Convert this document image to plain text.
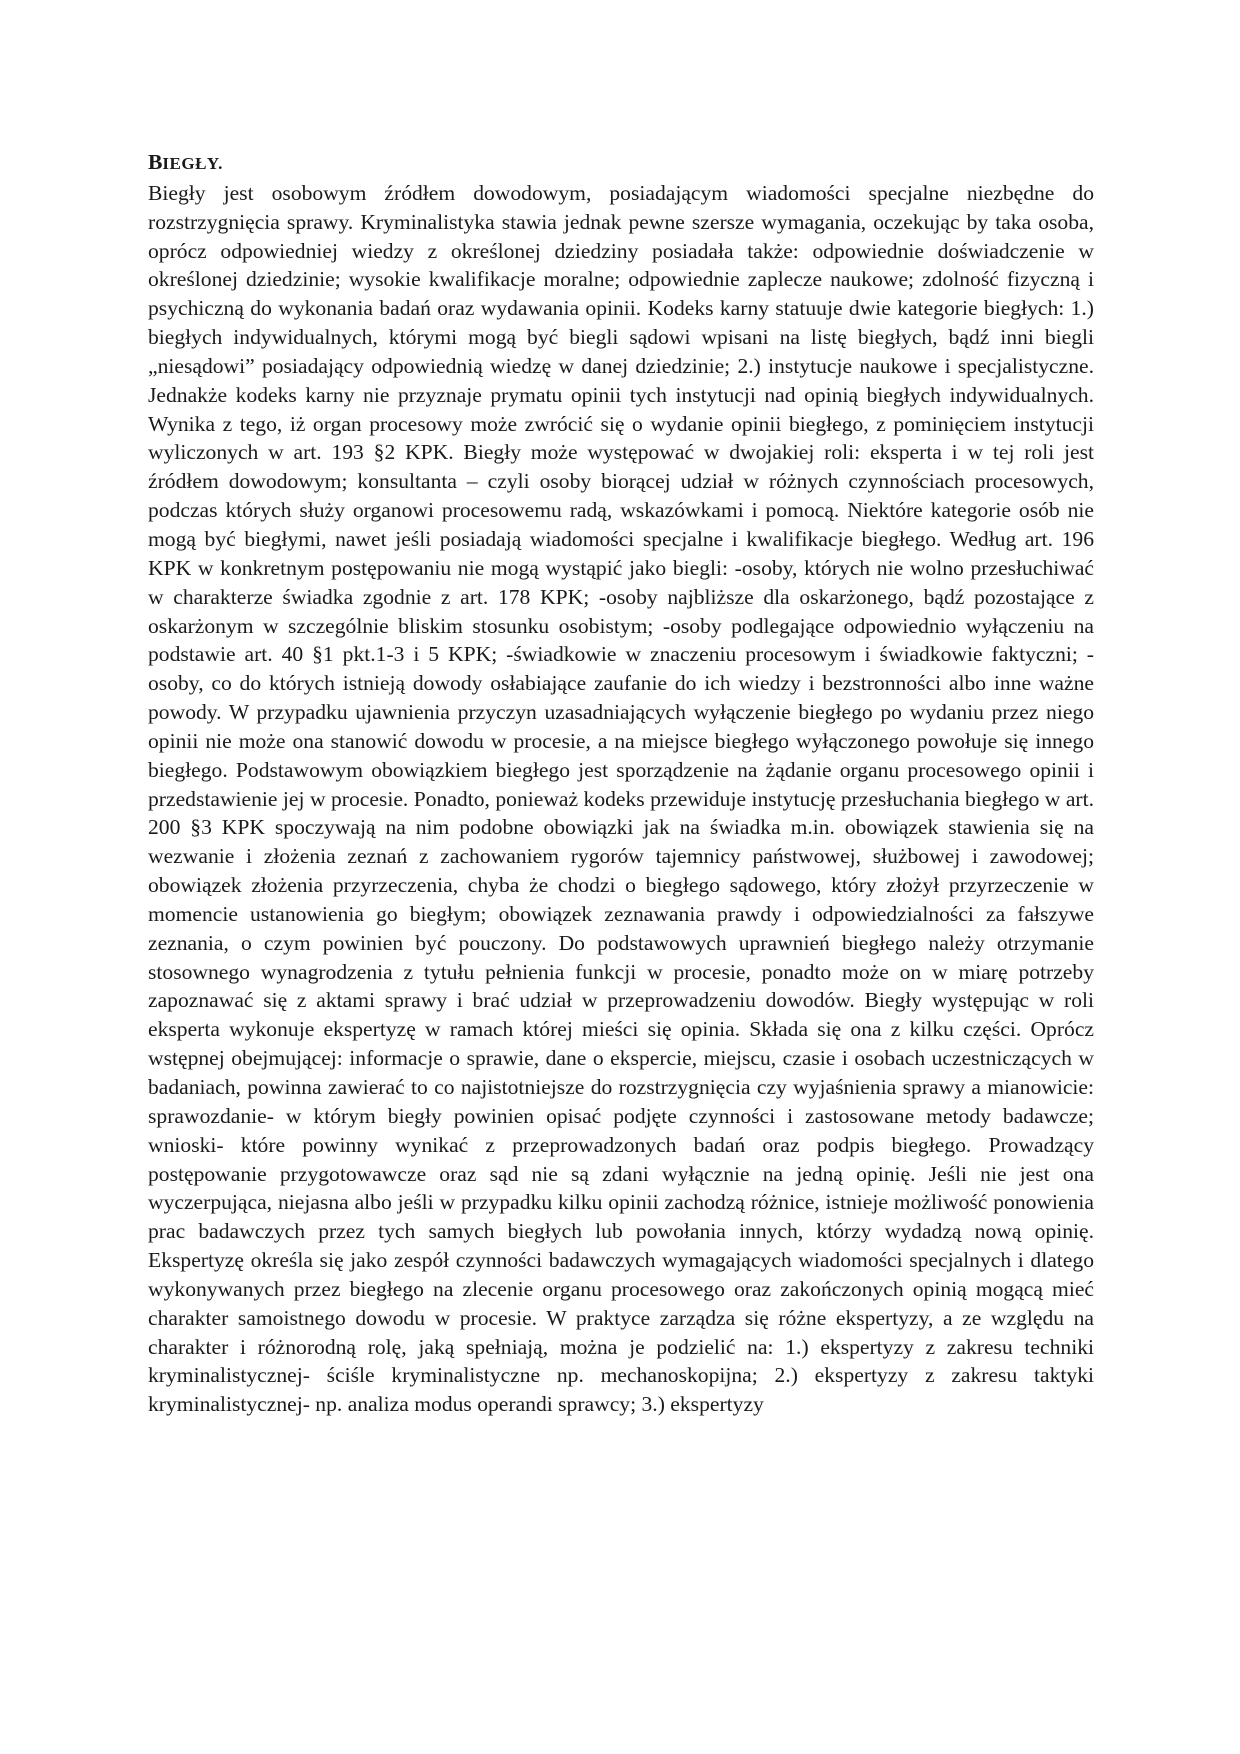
BIEGŁY.

Biegły jest osobowym źródłem dowodowym, posiadającym wiadomości specjalne niezbędne do rozstrzygnięcia sprawy. Kryminalistyka stawia jednak pewne szersze wymagania, oczekując by taka osoba, oprócz odpowiedniej wiedzy z określonej dziedziny posiadała także: odpowiednie doświadczenie w określonej dziedzinie; wysokie kwalifikacje moralne; odpowiednie zaplecze naukowe; zdolność fizyczną i psychiczną do wykonania badań oraz wydawania opinii. Kodeks karny statuuje dwie kategorie biegłych: 1.) biegłych indywidualnych, którymi mogą być biegli sądowi wpisani na listę biegłych, bądź inni biegli „niesądowi” posiadający odpowiednią wiedzę w danej dziedzinie; 2.) instytucje naukowe i specjalistyczne. Jednakże kodeks karny nie przyznaje prymatu opinii tych instytucji nad opinią biegłych indywidualnych. Wynika z tego, iż organ procesowy może zwrócić się o wydanie opinii biegłego, z pominięciem instytucji wyliczonych w art. 193 §2 KPK. Biegły może występować w dwojakiej roli: eksperta i w tej roli jest źródłem dowodowym; konsultanta – czyli osoby biorącej udział w różnych czynnościach procesowych, podczas których służy organowi procesowemu radą, wskazówkami i pomocą. Niektóre kategorie osób nie mogą być biegłymi, nawet jeśli posiadają wiadomości specjalne i kwalifikacje biegłego. Według art. 196 KPK w konkretnym postępowaniu nie mogą wystąpić jako biegli: -osoby, których nie wolno przesłuchiwać w charakterze świadka zgodnie z art. 178 KPK; -osoby najbliższe dla oskarżonego, bądź pozostające z oskarżonym w szczególnie bliskim stosunku osobistym; -osoby podlegające odpowiednio wyłączeniu na podstawie art. 40 §1 pkt.1-3 i 5 KPK; -świadkowie w znaczeniu procesowym i świadkowie faktyczni; -osoby, co do których istnieją dowody osłabiające zaufanie do ich wiedzy i bezstronności albo inne ważne powody. W przypadku ujawnienia przyczyn uzasadniających wyłączenie biegłego po wydaniu przez niego opinii nie może ona stanowić dowodu w procesie, a na miejsce biegłego wyłączonego powołuje się innego biegłego. Podstawowym obowiązkiem biegłego jest sporządzenie na żądanie organu procesowego opinii i przedstawienie jej w procesie. Ponadto, ponieważ kodeks przewiduje instytucję przesłuchania biegłego w art. 200 §3 KPK spoczywają na nim podobne obowiązki jak na świadka m.in. obowiązek stawienia się na wezwanie i złożenia zeznań z zachowaniem rygorów tajemnicy państwowej, służbowej i zawodowej; obowiązek złożenia przyrzeczenia, chyba że chodzi o biegłego sądowego, który złożył przyrzeczenie w momencie ustanowienia go biegłym; obowiązek zeznawania prawdy i odpowiedzialności za fałszywe zeznania, o czym powinien być pouczony. Do podstawowych uprawnień biegłego należy otrzymanie stosownego wynagrodzenia z tytułu pełnienia funkcji w procesie, ponadto może on w miarę potrzeby zapoznawać się z aktami sprawy i brać udział w przeprowadzeniu dowodów. Biegły występując w roli eksperta wykonuje ekspertyzę w ramach której mieści się opinia. Składa się ona z kilku części. Oprócz wstępnej obejmującej: informacje o sprawie, dane o ekspercie, miejscu, czasie i osobach uczestniczących w badaniach, powinna zawierać to co najistotniejsze do rozstrzygnięcia czy wyjaśnienia sprawy a mianowicie: sprawozdanie- w którym biegły powinien opisać podjęte czynności i zastosowane metody badawcze; wnioski- które powinny wynikać z przeprowadzonych badań oraz podpis biegłego. Prowadzący postępowanie przygotowawcze oraz sąd nie są zdani wyłącznie na jedną opinię. Jeśli nie jest ona wyczerpująca, niejasna albo jeśli w przypadku kilku opinii zachodzą różnice, istnieje możliwość ponowienia prac badawczych przez tych samych biegłych lub powołania innych, którzy wydadzą nową opinię. Ekspertyzę określa się jako zespół czynności badawczych wymagających wiadomości specjalnych i dlatego wykonywanych przez biegłego na zlecenie organu procesowego oraz zakończonych opinią mogącą mieć charakter samoistnego dowodu w procesie. W praktyce zarządza się różne ekspertyzy, a ze względu na charakter i różnorodną rolę, jaką spełniają, można je podzielić na: 1.) ekspertyzy z zakresu techniki kryminalistycznej- ściśle kryminalistyczne np. mechanoskopijna; 2.) ekspertyzy z zakresu taktyki kryminalistycznej- np. analiza modus operandi sprawcy; 3.) ekspertyzy
